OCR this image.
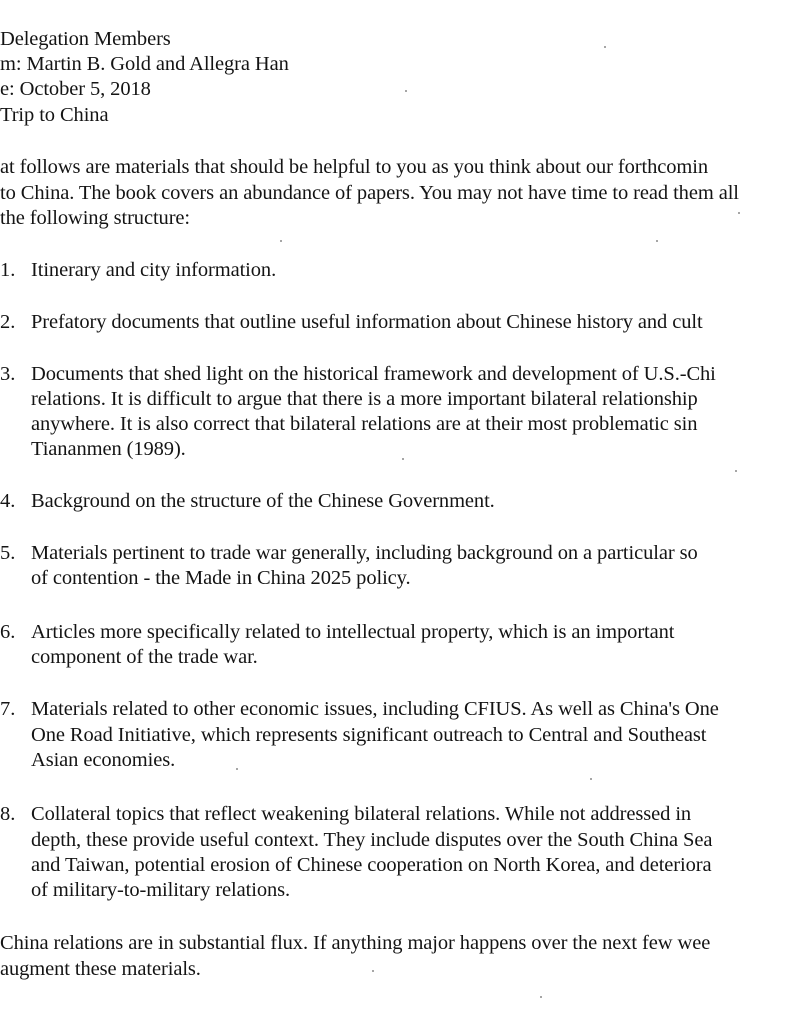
Delegation Members
m: Martin B. Gold and Allegra Han
e: October 5, 2018
Trip to China
at follows are materials that should be helpful to you as you think about our forthcomin
to China. The book covers an abundance of papers. You may not have time to read them all
the following structure:
1. Itinerary and city information.
2. Prefatory documents that outline useful information about Chinese history and cult
3. Documents that shed light on the historical framework and development of U.S.-Chi
relations. It is difficult to argue that there is a more important bilateral relationship
anywhere. It is also correct that bilateral relations are at their most problematic sin
Tiananmen (1989).
4. Background on the structure of the Chinese Government.
5. Materials pertinent to trade war generally, including background on a particular so
of contention - the Made in China 2025 policy.
6. Articles more specifically related to intellectual property, which is an important
component of the trade war.
7. Materials related to other economic issues, including CFIUS. As well as China's One
One Road Initiative, which represents significant outreach to Central and Southeast
Asian economies.
8. Collateral topics that reflect weakening bilateral relations. While not addressed in
depth, these provide useful context. They include disputes over the South China Sea
and Taiwan, potential erosion of Chinese cooperation on North Korea, and deteriora
of military-to-military relations.
China relations are in substantial flux. If anything major happens over the next few wee
augment these materials.
